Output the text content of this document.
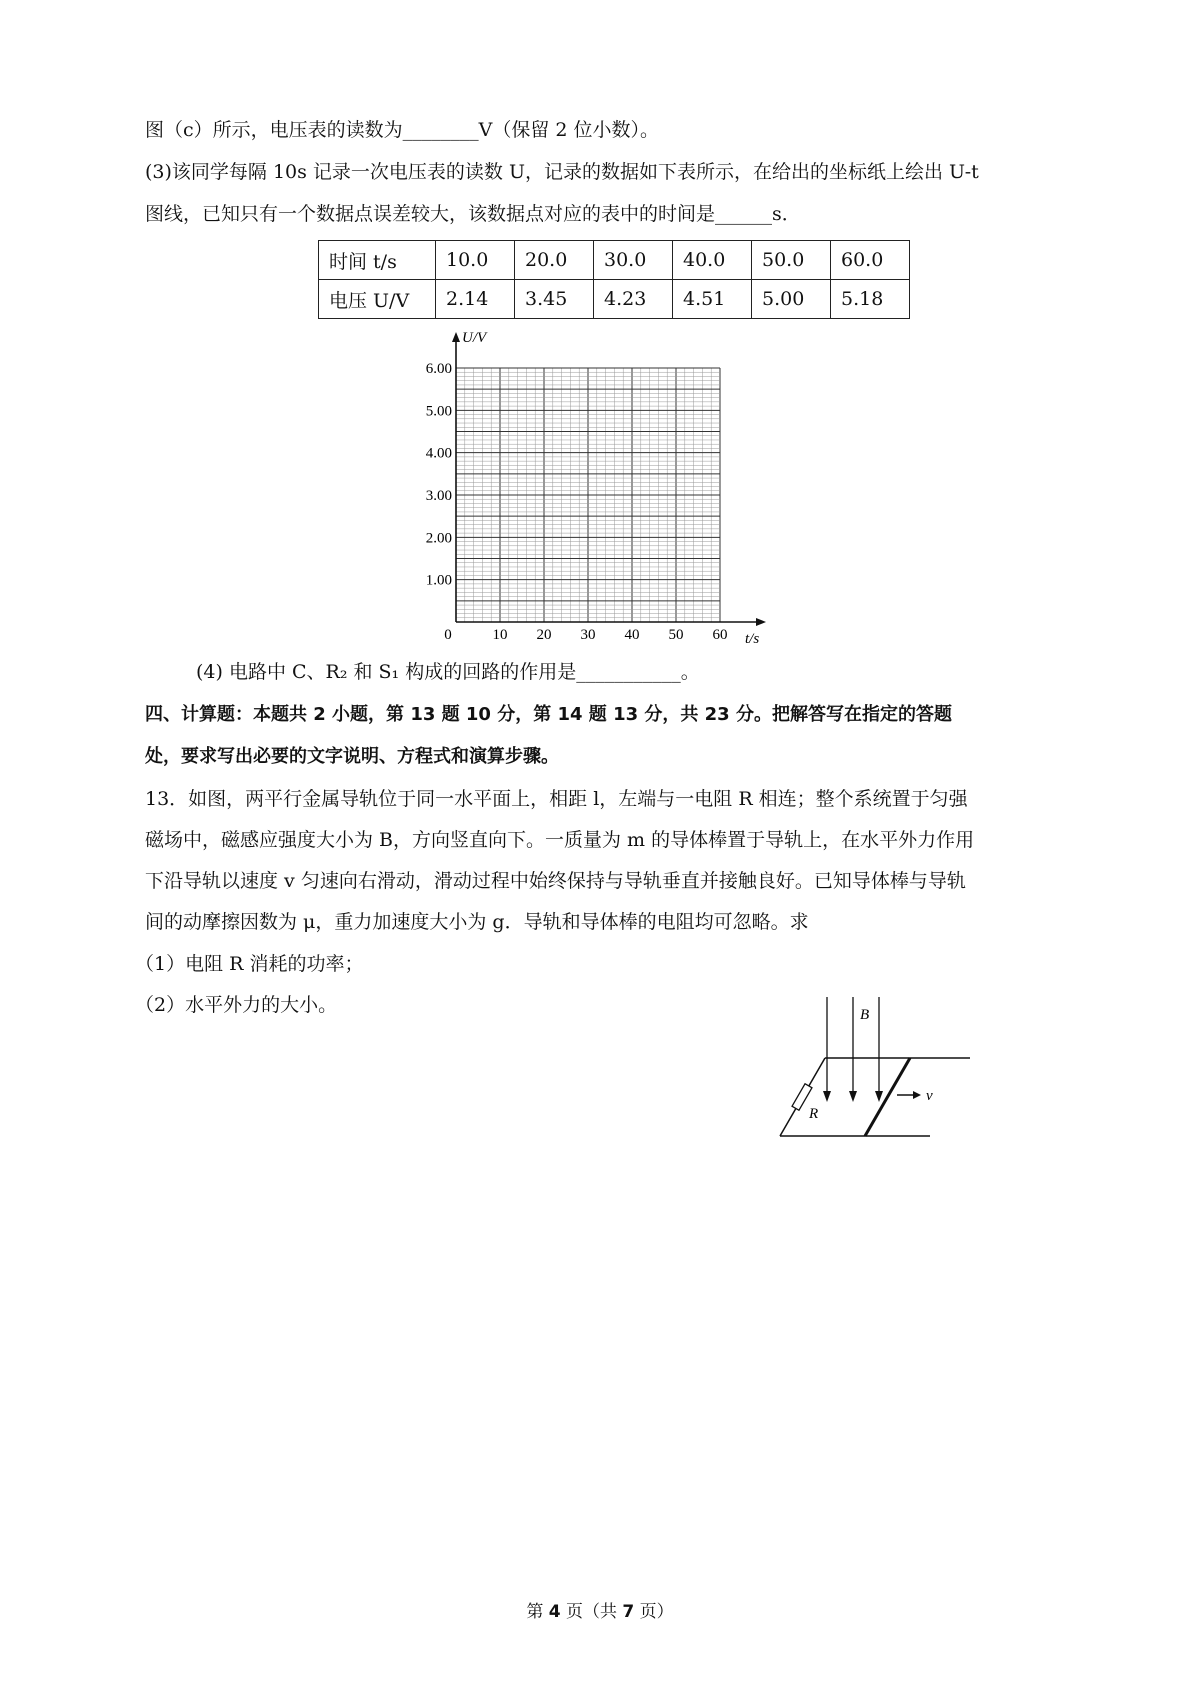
图（c）所示，电压表的读数为________V（保留 2 位小数）。
(3)该同学每隔 10s 记录一次电压表的读数 U，记录的数据如下表所示，在给出的坐标纸上绘出 U-t
图线，已知只有一个数据点误差较大，该数据点对应的表中的时间是______s．
时间 t/s	10.0	20.0	30.0	40.0	50.0	60.0
电压 U/V	2.14	3.45	4.23	4.51	5.00	5.18
U/V
t/s
0	10 20 30 40 50 60
1.00
2.00
3.00
4.00
5.00
6.00
(4) 电路中 C、R₂ 和 S₁ 构成的回路的作用是___________。
四、计算题：本题共 2 小题，第 13 题 10 分，第 14 题 13 分，共 23 分。把解答写在指定的答题
处，要求写出必要的文字说明、方程式和演算步骤。
13．如图，两平行金属导轨位于同一水平面上，相距 l，左端与一电阻 R 相连；整个系统置于匀强
磁场中，磁感应强度大小为 B，方向竖直向下。一质量为 m 的导体棒置于导轨上，在水平外力作用
下沿导轨以速度 v 匀速向右滑动，滑动过程中始终保持与导轨垂直并接触良好。已知导体棒与导轨
间的动摩擦因数为 μ，重力加速度大小为 g．导轨和导体棒的电阻均可忽略。求
（1）电阻 R 消耗的功率；
（2）水平外力的大小。
R
v
B
第 4 页（共 7 页）
